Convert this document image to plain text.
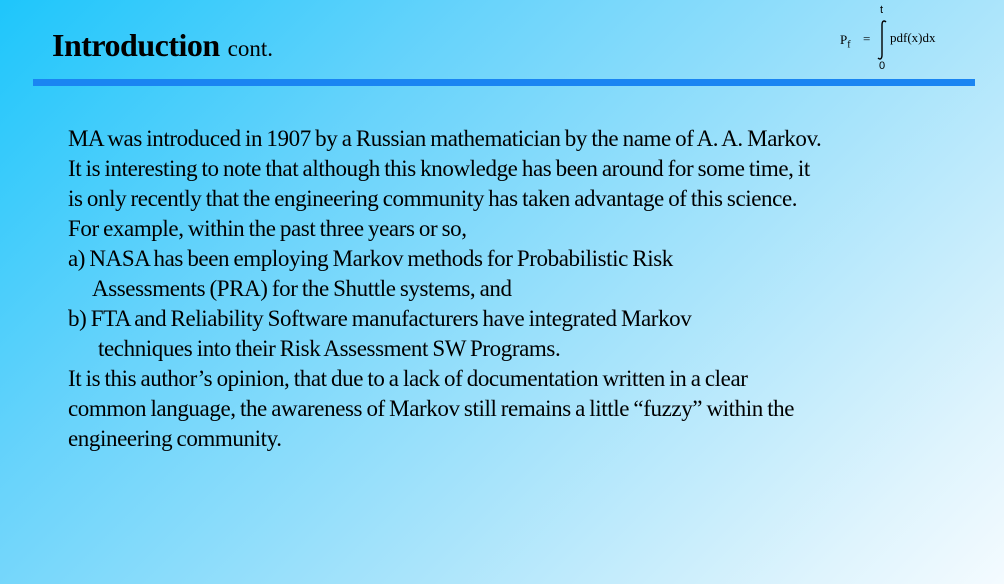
Introduction cont.	$P_f$ =
t
0
pdf(x)dx
MA was introduced in 1907 by a Russian mathematician by the name of A. A. Markov.
It is interesting to note that although this knowledge has been around for some time, it
is only recently that the engineering community has taken advantage of this science.
For example, within the past three years or so,
a) NASA has been employing Markov methods for Probabilistic Risk
Assessments (PRA) for the Shuttle systems, and
b) FTA and Reliability Software manufacturers have integrated Markov
techniques into their Risk Assessment SW Programs.
It is this author’s opinion, that due to a lack of documentation written in a clear
common language, the awareness of Markov still remains a little “fuzzy” within the
engineering community.
